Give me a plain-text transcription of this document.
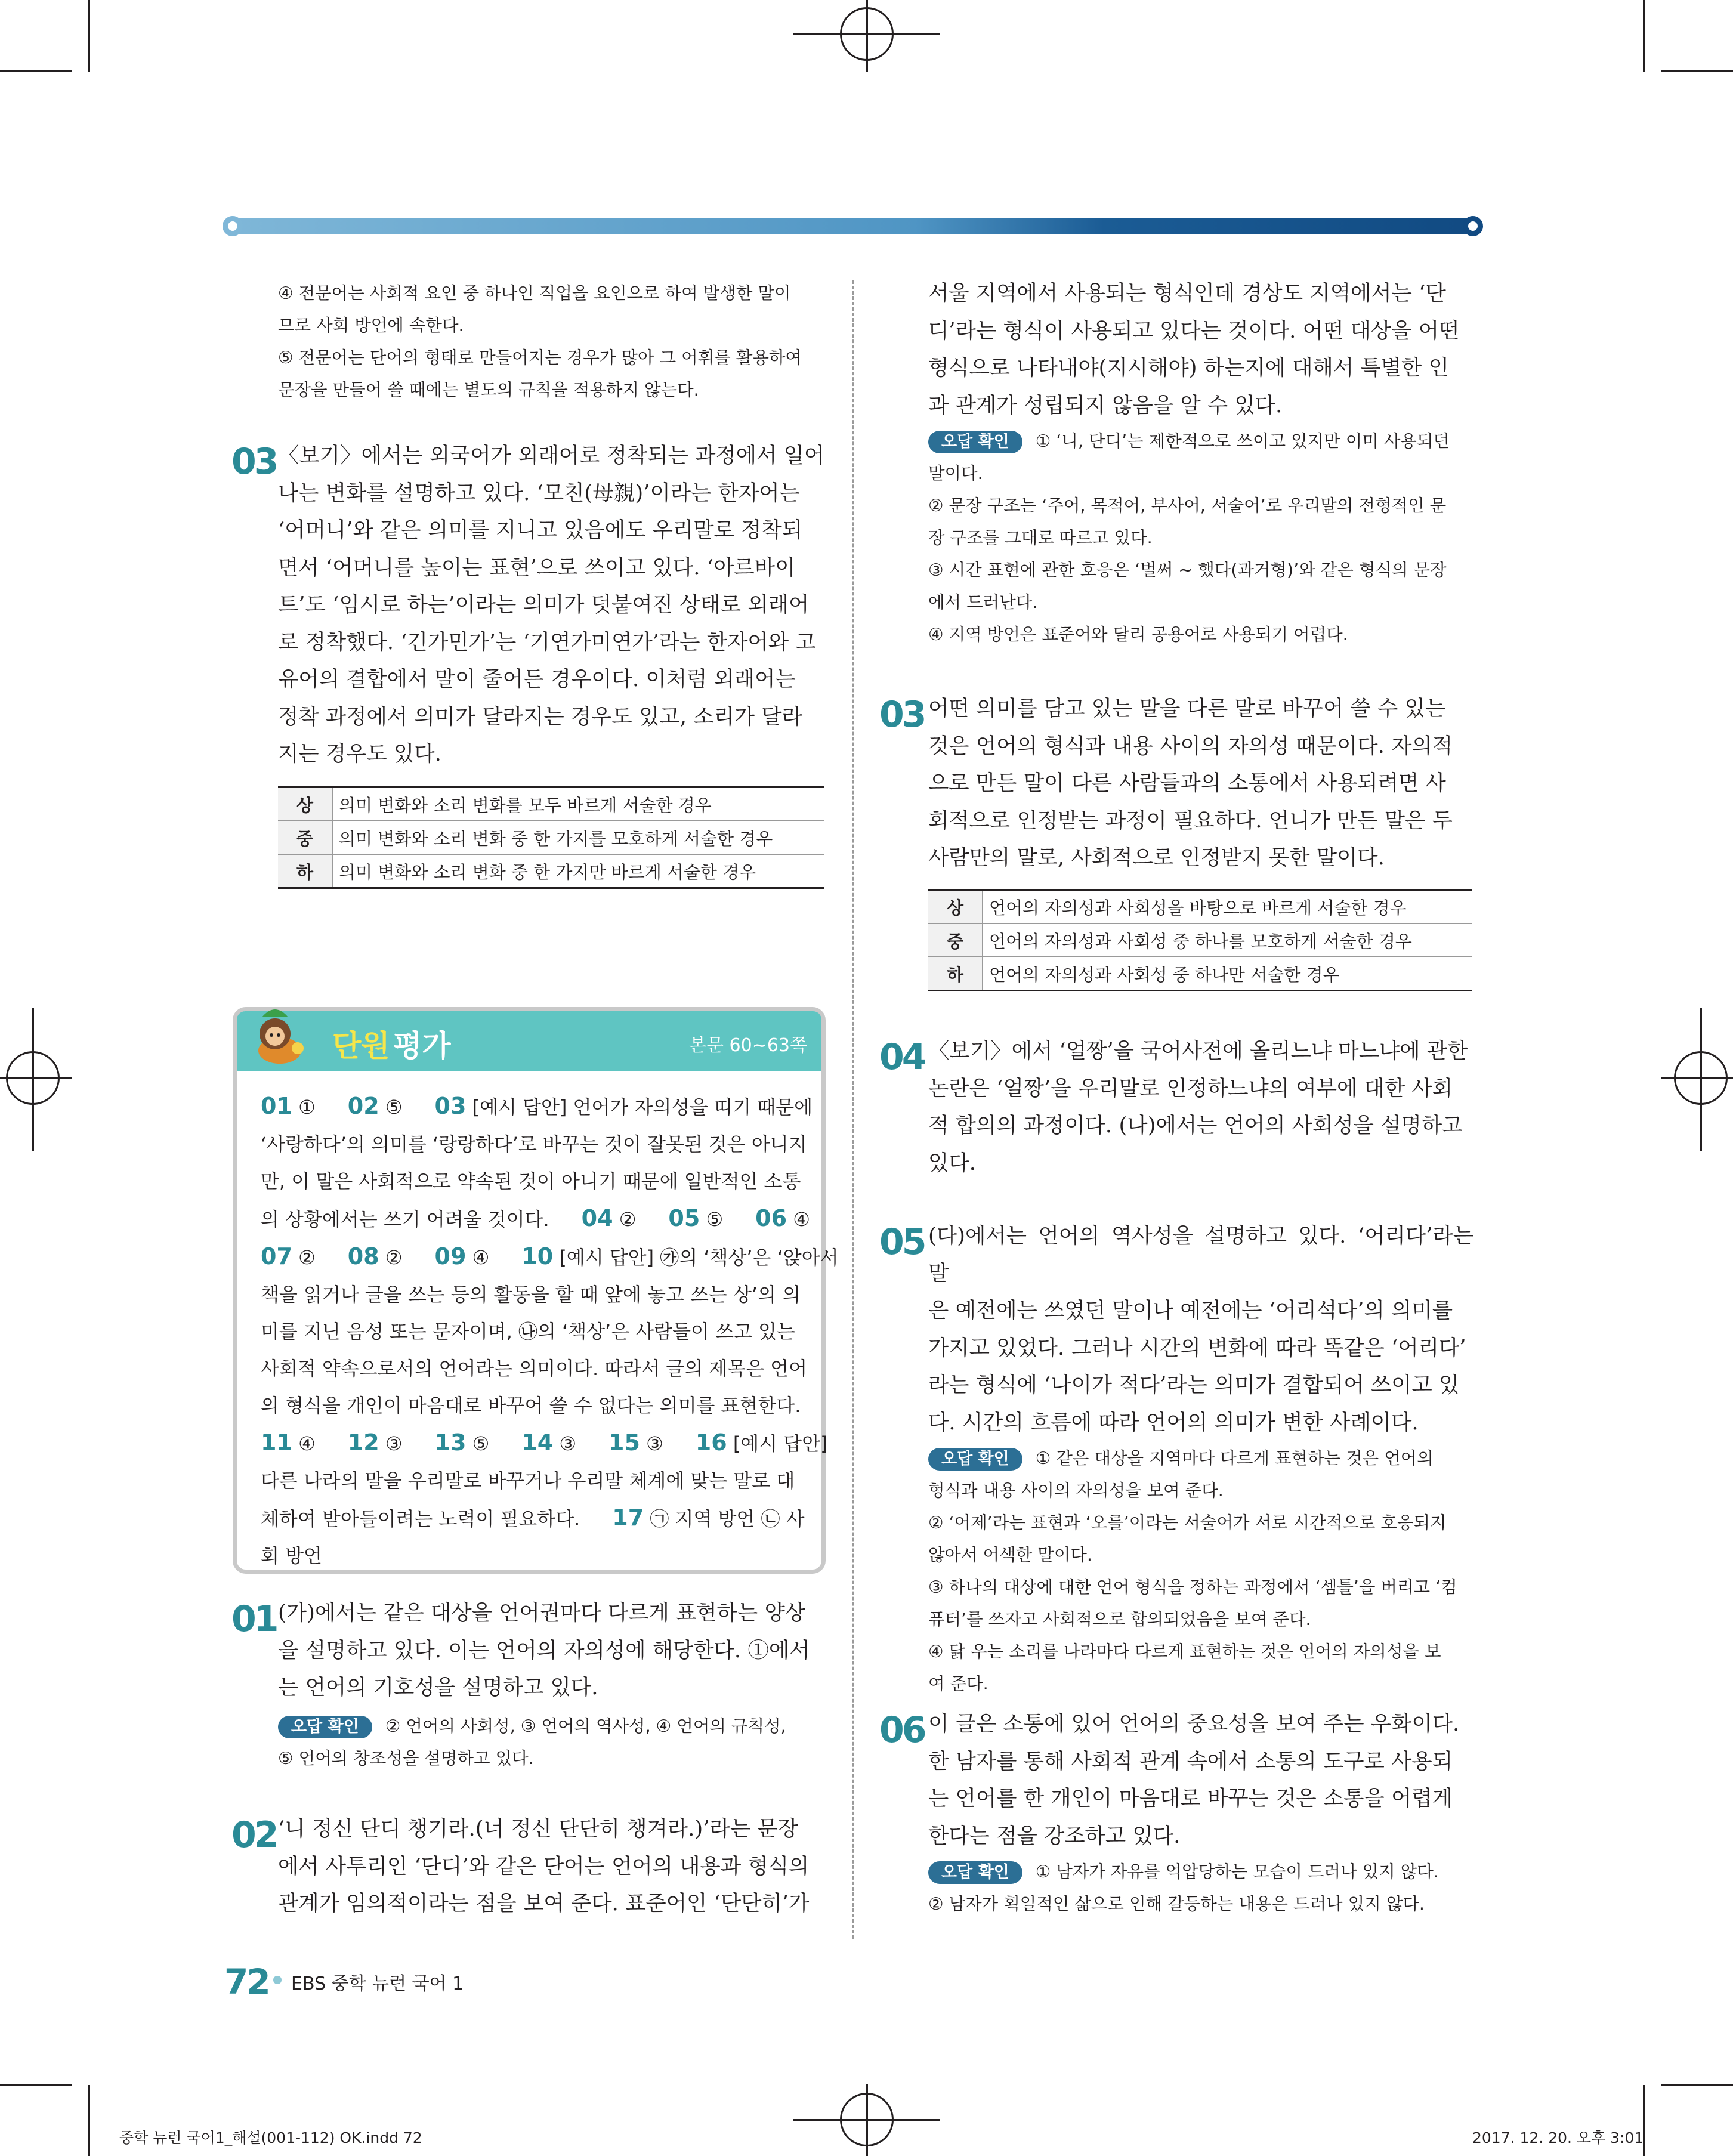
④ 전문어는 사회적 요인 중 하나인 직업을 요인으로 하여 발생한 말이

므로 사회 방언에 속한다.

⑤ 전문어는 단어의 형태로 만들어지는 경우가 많아 그 어휘를 활용하여

문장을 만들어 쓸 때에는 별도의 규칙을 적용하지 않는다.

03 〈보기〉에서는 외국어가 외래어로 정착되는 과정에서 일어

나는 변화를 설명하고 있다. ‘모친(母親)’이라는 한자어는

‘어머니’와 같은 의미를 지니고 있음에도 우리말로 정착되

면서 ‘어머니를 높이는 표현’으로 쓰이고 있다. ‘아르바이

트’도 ‘임시로 하는’이라는 의미가 덧붙여진 상태로 외래어

로 정착했다. ‘긴가민가’는 ‘기연가미연가’라는 한자어와 고

유어의 결합에서 말이 줄어든 경우이다. 이처럼 외래어는

정착 과정에서 의미가 달라지는 경우도 있고, 소리가 달라

지는 경우도 있다.

상	의미 변화와 소리 변화를 모두 바르게 서술한 경우
중	의미 변화와 소리 변화 중 한 가지를 모호하게 서술한 경우
하	의미 변화와 소리 변화 중 한 가지만 바르게 서술한 경우
단원 평가	본문 60∼63쪽
01 ① 02 ⑤ 03 [예시 답안] 언어가 자의성을 띠기 때문에
‘사랑하다’의 의미를 ‘랑랑하다’로 바꾸는 것이 잘못된 것은 아니지
만, 이 말은 사회적으로 약속된 것이 아니기 때문에 일반적인 소통
의 상황에서는 쓰기 어려울 것이다. 04 ② 05 ⑤ 06 ④
07 ② 08 ② 09 ④ 10 [예시 답안] ㉮의 ‘책상’은 ‘앉아서
책을 읽거나 글을 쓰는 등의 활동을 할 때 앞에 놓고 쓰는 상’의 의
미를 지닌 음성 또는 문자이며, ㉯의 ‘책상’은 사람들이 쓰고 있는
사회적 약속으로서의 언어라는 의미이다. 따라서 글의 제목은 언어
의 형식을 개인이 마음대로 바꾸어 쓸 수 없다는 의미를 표현한다.
11 ④ 12 ③ 13 ⑤ 14 ③ 15 ③ 16 [예시 답안]
다른 나라의 말을 우리말로 바꾸거나 우리말 체계에 맞는 말로 대
체하여 받아들이려는 노력이 필요하다. 17 ㉠ 지역 방언 ㉡ 사
회 방언
01 (가)에서는 같은 대상을 언어권마다 다르게 표현하는 양상

을 설명하고 있다. 이는 언어의 자의성에 해당한다. ①에서

는 언어의 기호성을 설명하고 있다.

오답 확인 ② 언어의 사회성, ③ 언어의 역사성, ④ 언어의 규칙성,

⑤ 언어의 창조성을 설명하고 있다.

02 ‘니 정신 단디 챙기라.(너 정신 단단히 챙겨라.)’라는 문장

에서 사투리인 ‘단디’와 같은 단어는 언어의 내용과 형식의

관계가 임의적이라는 점을 보여 준다. 표준어인 ‘단단히’가

서울 지역에서 사용되는 형식인데 경상도 지역에서는 ‘단

디’라는 형식이 사용되고 있다는 것이다. 어떤 대상을 어떤

형식으로 나타내야(지시해야) 하는지에 대해서 특별한 인

과 관계가 성립되지 않음을 알 수 있다.

오답 확인 ① ‘니, 단디’는 제한적으로 쓰이고 있지만 이미 사용되던

말이다.

② 문장 구조는 ‘주어, 목적어, 부사어, 서술어’로 우리말의 전형적인 문

장 구조를 그대로 따르고 있다.

③ 시간 표현에 관한 호응은 ‘벌써 ∼ 했다(과거형)’와 같은 형식의 문장

에서 드러난다.

④ 지역 방언은 표준어와 달리 공용어로 사용되기 어렵다.

03 어떤 의미를 담고 있는 말을 다른 말로 바꾸어 쓸 수 있는

것은 언어의 형식과 내용 사이의 자의성 때문이다. 자의적

으로 만든 말이 다른 사람들과의 소통에서 사용되려면 사

회적으로 인정받는 과정이 필요하다. 언니가 만든 말은 두

사람만의 말로, 사회적으로 인정받지 못한 말이다.

상	언어의 자의성과 사회성을 바탕으로 바르게 서술한 경우
중	언어의 자의성과 사회성 중 하나를 모호하게 서술한 경우
하	언어의 자의성과 사회성 중 하나만 서술한 경우
04 〈보기〉에서 ‘얼짱’을 국어사전에 올리느냐 마느냐에 관한

논란은 ‘얼짱’을 우리말로 인정하느냐의 여부에 대한 사회

적 합의의 과정이다. (나)에서는 언어의 사회성을 설명하고

있다.

05 (다)에서는 언어의 역사성을 설명하고 있다. ‘어리다’라는 말

은 예전에는 쓰였던 말이나 예전에는 ‘어리석다’의 의미를

가지고 있었다. 그러나 시간의 변화에 따라 똑같은 ‘어리다’

라는 형식에 ‘나이가 적다’라는 의미가 결합되어 쓰이고 있

다. 시간의 흐름에 따라 언어의 의미가 변한 사례이다.

오답 확인 ① 같은 대상을 지역마다 다르게 표현하는 것은 언어의

형식과 내용 사이의 자의성을 보여 준다.

② ‘어제’라는 표현과 ‘오를’이라는 서술어가 서로 시간적으로 호응되지

않아서 어색한 말이다.

③ 하나의 대상에 대한 언어 형식을 정하는 과정에서 ‘셈틀’을 버리고 ‘컴

퓨터’를 쓰자고 사회적으로 합의되었음을 보여 준다.

④ 닭 우는 소리를 나라마다 다르게 표현하는 것은 언어의 자의성을 보

여 준다.

06 이 글은 소통에 있어 언어의 중요성을 보여 주는 우화이다.

한 남자를 통해 사회적 관계 속에서 소통의 도구로 사용되

는 언어를 한 개인이 마음대로 바꾸는 것은 소통을 어렵게

한다는 점을 강조하고 있다.

오답 확인 ① 남자가 자유를 억압당하는 모습이 드러나 있지 않다.

② 남자가 획일적인 삶으로 인해 갈등하는 내용은 드러나 있지 않다.

72 EBS 중학 뉴런 국어 1
중학 뉴런 국어1_해설(001-112) OK.indd 72	2017. 12. 20. 오후 3:01
